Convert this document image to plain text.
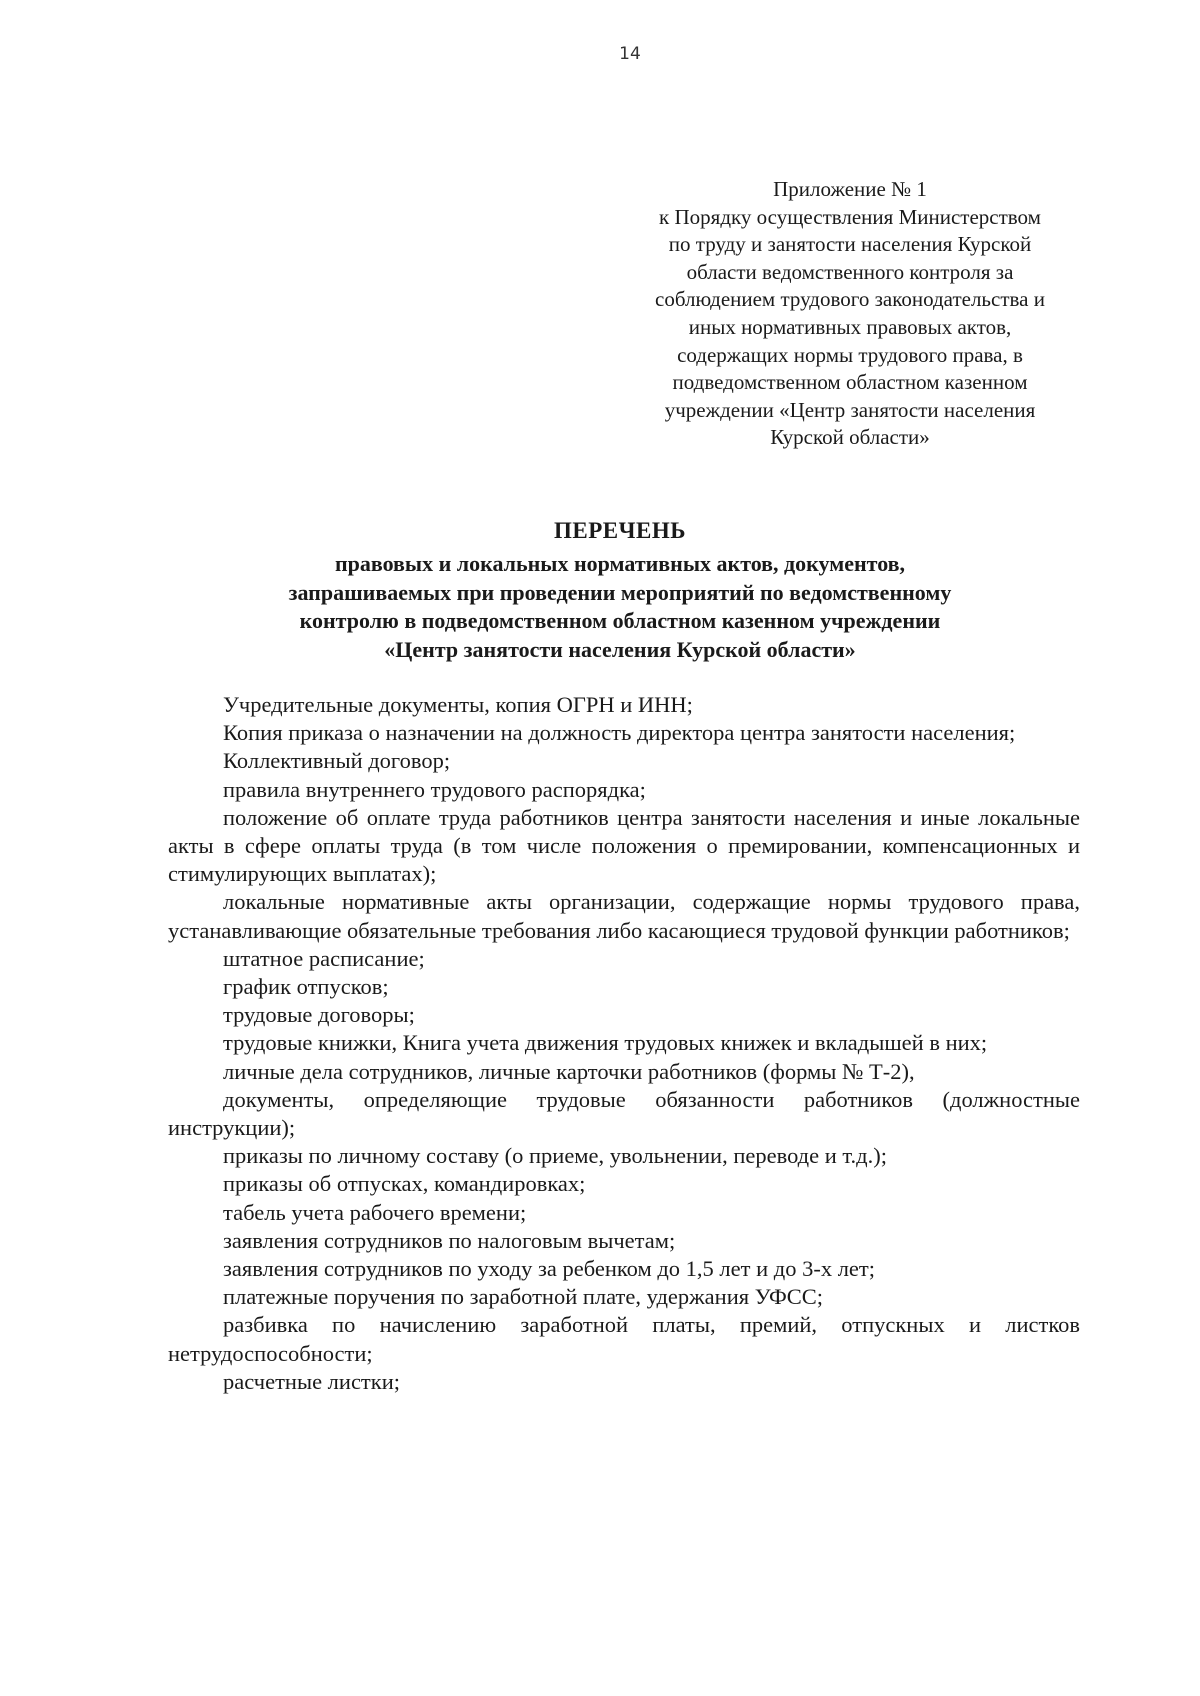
14
Приложение № 1
к Порядку осуществления Министерством
по труду и занятости населения Курской
области ведомственного контроля за
соблюдением трудового законодательства и
иных нормативных правовых актов,
содержащих нормы трудового права, в
подведомственном областном казенном
учреждении «Центр занятости населения
Курской области»
ПЕРЕЧЕНЬ
правовых и локальных нормативных актов, документов,
запрашиваемых при проведении мероприятий по ведомственному
контролю в подведомственном областном казенном учреждении
«Центр занятости населения Курской области»

Учредительные документы, копия ОГРН и ИНН;

Копия приказа о назначении на должность директора центра занятости населения;

Коллективный договор;

правила внутреннего трудового распорядка;

положение об оплате труда работников центра занятости населения и иные локальные акты в сфере оплаты труда (в том числе положения о премировании, компенсационных и стимулирующих выплатах);

локальные нормативные акты организации, содержащие нормы трудового права, устанавливающие обязательные требования либо касающиеся трудовой функции работников;

штатное расписание;

график отпусков;

трудовые договоры;

трудовые книжки, Книга учета движения трудовых книжек и вкладышей в них;

личные дела сотрудников, личные карточки работников (формы № Т-2),

документы, определяющие трудовые обязанности работников (должностные инструкции);

приказы по личному составу (о приеме, увольнении, переводе и т.д.);

приказы об отпусках, командировках;

табель учета рабочего времени;

заявления сотрудников по налоговым вычетам;

заявления сотрудников по уходу за ребенком до 1,5 лет и до 3-х лет;

платежные поручения по заработной плате, удержания УФСС;

разбивка по начислению заработной платы, премий, отпускных и листков нетрудоспособности;

расчетные листки;
